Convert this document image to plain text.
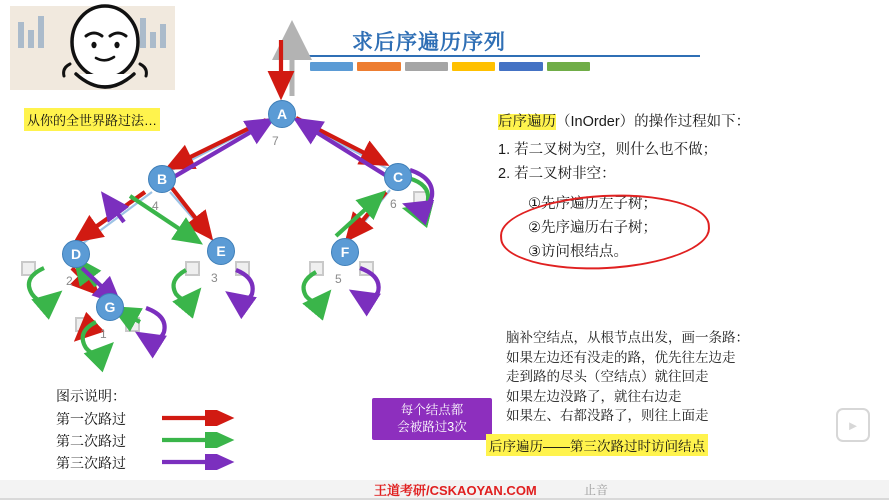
求后序遍历序列
从你的全世界路过法…	A
7
B
4
C
6
D
2
E
3
F
5
G
1
后序遍历（InOrder）的操作过程如下：
1. 若二叉树为空，则什么也不做；
2. 若二叉树非空：
①先序遍历左子树；
②先序遍历右子树；
③访问根结点。
脑补空结点，从根节点出发，画一条路：
如果左边还有没走的路，优先往左边走
走到路的尽头（空结点）就往回走
如果左边没路了，就往右边走
如果左、右都没路了，则往上面走
每个结点都
会被路过3次
后序遍历——第三次路过时访问结点
图示说明：
第一次路过
第二次路过
第三次路过
王道考研/CSKAOYAN.COM	止音
►
